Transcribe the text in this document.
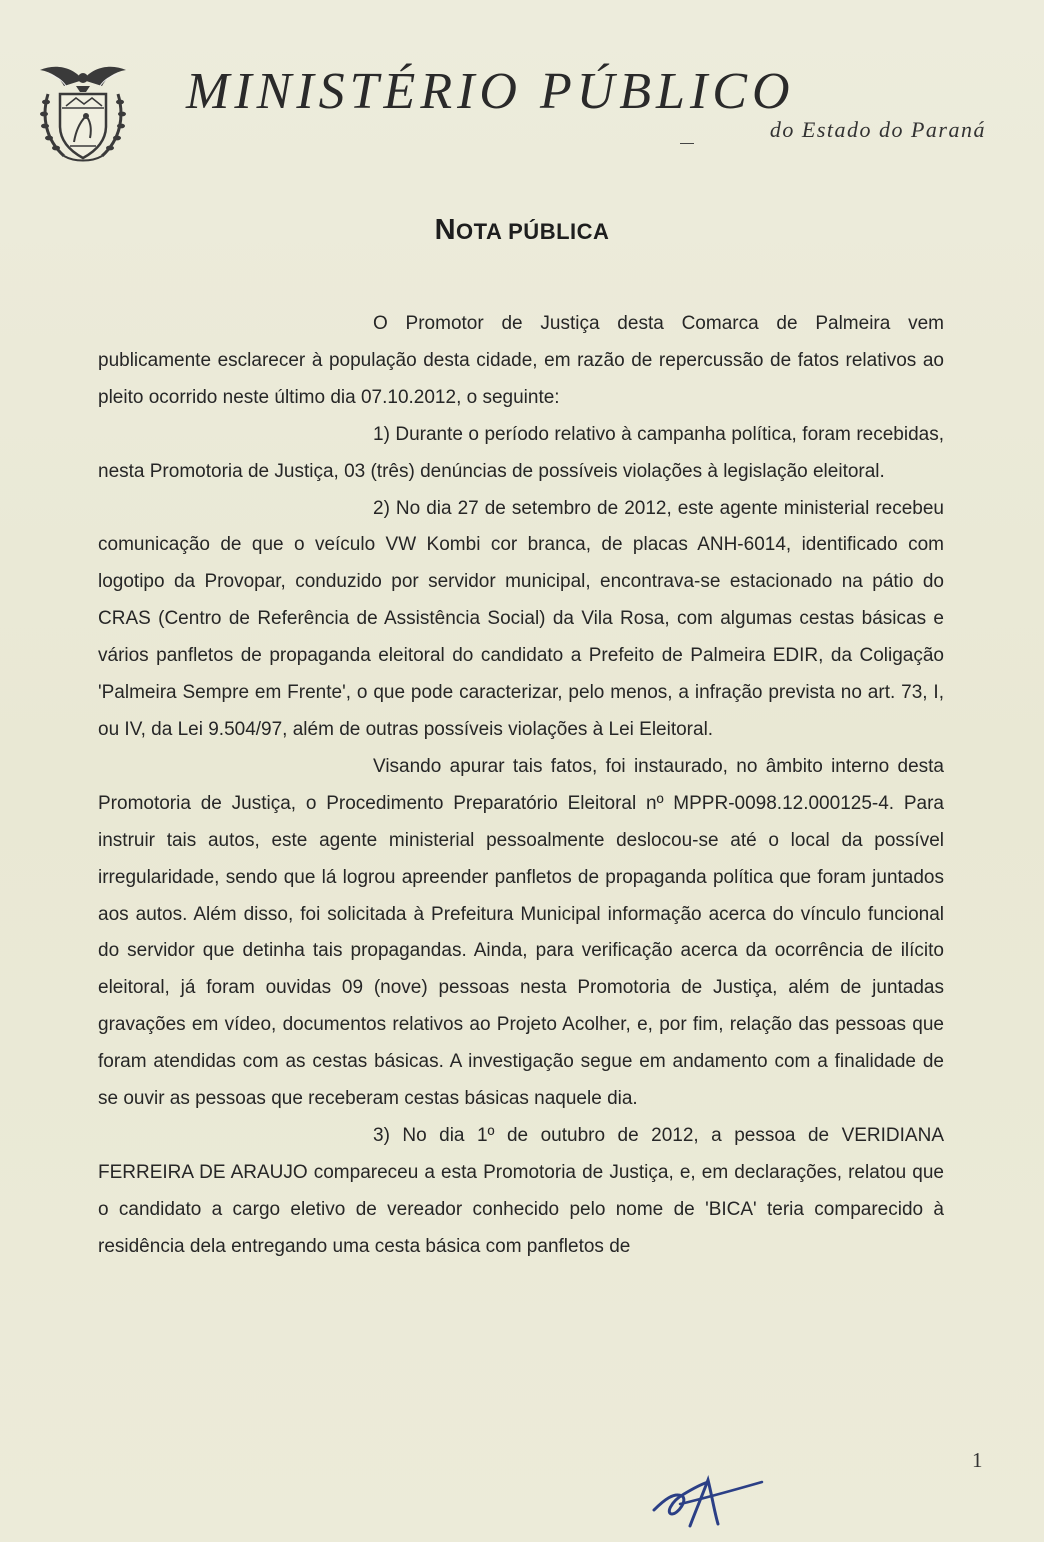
MINISTÉRIO PÚBLICO
do Estado do Paraná
NOTA PÚBLICA

O Promotor de Justiça desta Comarca de Palmeira vem publicamente esclarecer à população desta cidade, em razão de repercussão de fatos relativos ao pleito ocorrido neste último dia 07.10.2012, o seguinte:

1) Durante o período relativo à campanha política, foram recebidas, nesta Promotoria de Justiça, 03 (três) denúncias de possíveis violações à legislação eleitoral.

2) No dia 27 de setembro de 2012, este agente ministerial recebeu comunicação de que o veículo VW Kombi cor branca, de placas ANH-6014, identificado com logotipo da Provopar, conduzido por servidor municipal, encontrava-se estacionado na pátio do CRAS (Centro de Referência de Assistência Social) da Vila Rosa, com algumas cestas básicas e vários panfletos de propaganda eleitoral do candidato a Prefeito de Palmeira EDIR, da Coligação 'Palmeira Sempre em Frente', o que pode caracterizar, pelo menos, a infração prevista no art. 73, I, ou IV, da Lei 9.504/97, além de outras possíveis violações à Lei Eleitoral.

Visando apurar tais fatos, foi instaurado, no âmbito interno desta Promotoria de Justiça, o Procedimento Preparatório Eleitoral nº MPPR-0098.12.000125-4. Para instruir tais autos, este agente ministerial pessoalmente deslocou-se até o local da possível irregularidade, sendo que lá logrou apreender panfletos de propaganda política que foram juntados aos autos. Além disso, foi solicitada à Prefeitura Municipal informação acerca do vínculo funcional do servidor que detinha tais propagandas. Ainda, para verificação acerca da ocorrência de ilícito eleitoral, já foram ouvidas 09 (nove) pessoas nesta Promotoria de Justiça, além de juntadas gravações em vídeo, documentos relativos ao Projeto Acolher, e, por fim, relação das pessoas que foram atendidas com as cestas básicas. A investigação segue em andamento com a finalidade de se ouvir as pessoas que receberam cestas básicas naquele dia.

3) No dia 1º de outubro de 2012, a pessoa de VERIDIANA FERREIRA DE ARAUJO compareceu a esta Promotoria de Justiça, e, em declarações, relatou que o candidato a cargo eletivo de vereador conhecido pelo nome de 'BICA' teria comparecido à residência dela entregando uma cesta básica com panfletos de

1
